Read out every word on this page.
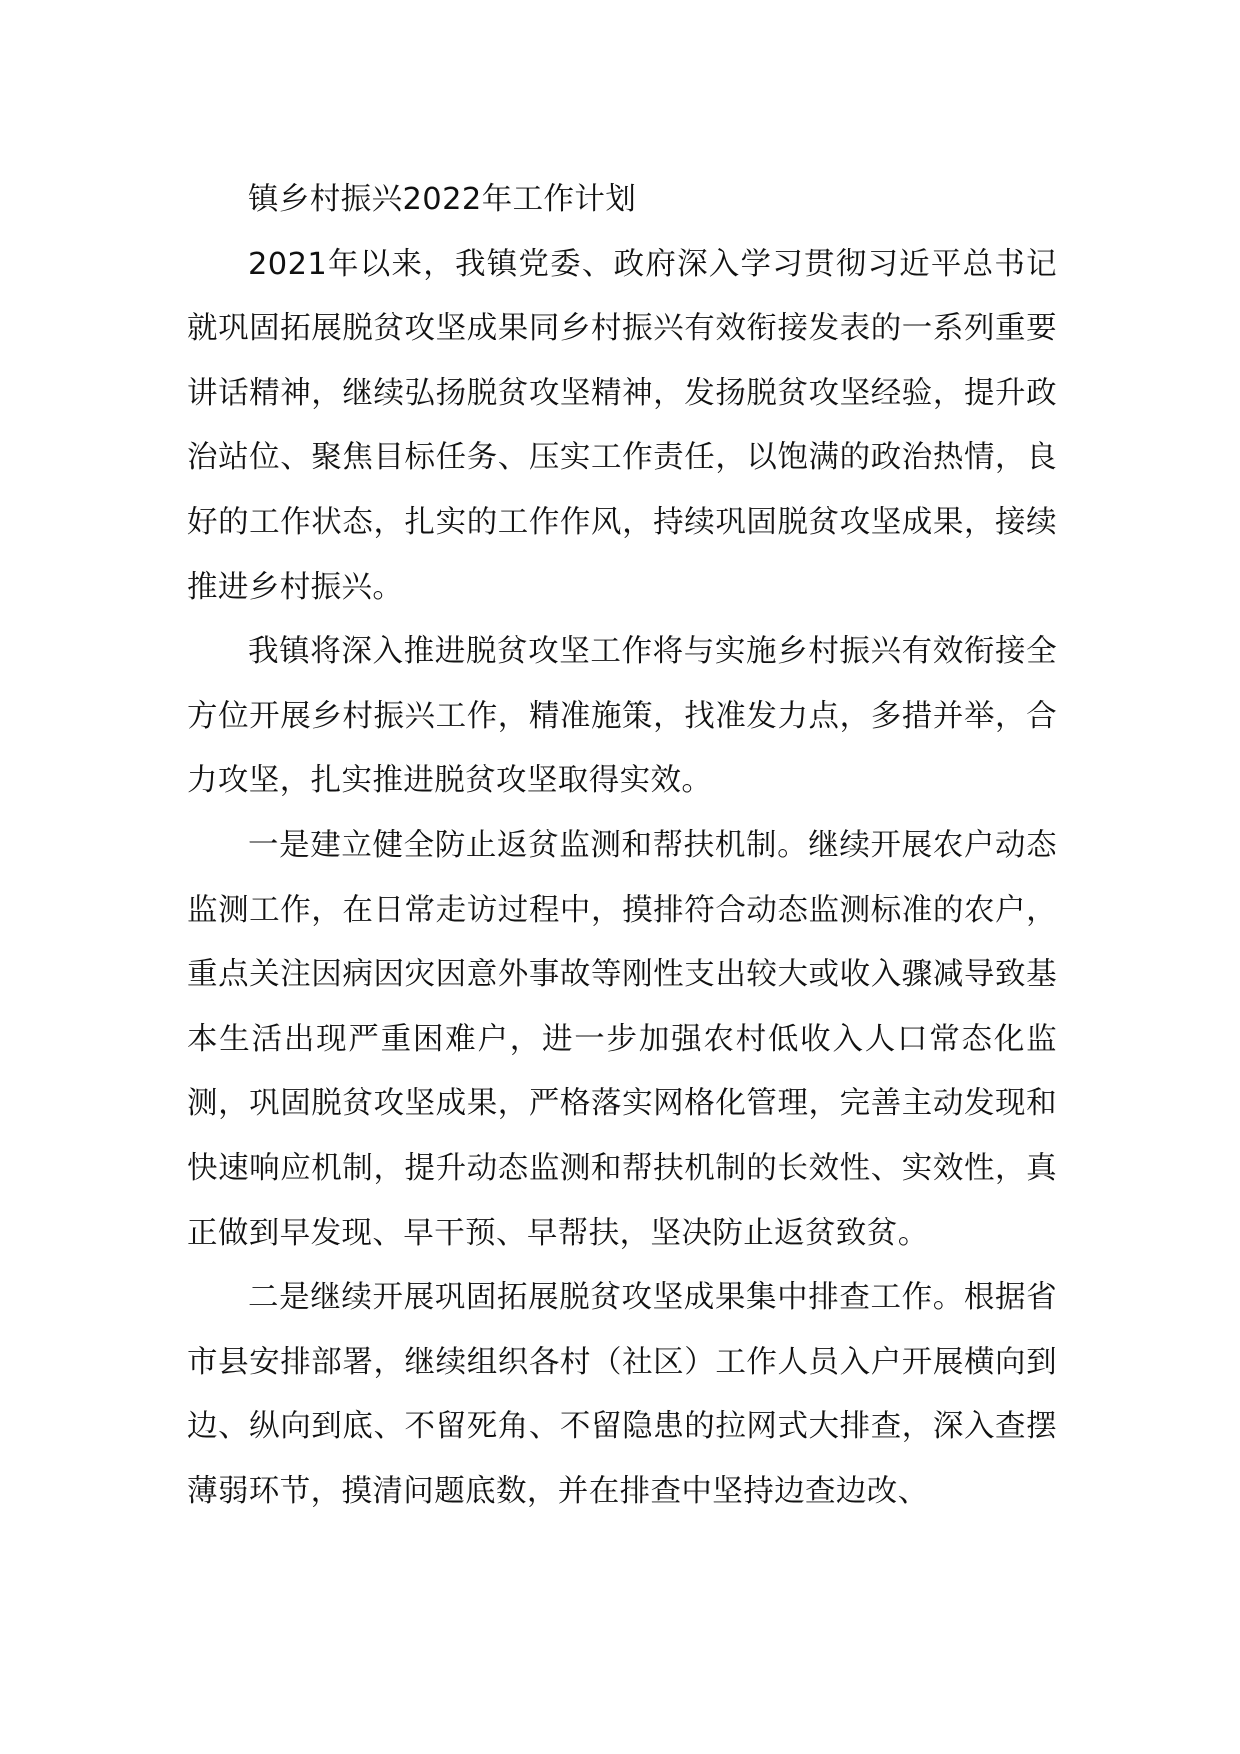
镇乡村振兴2022年工作计划

2021年以来，我镇党委、政府深入学习贯彻习近平总书记就巩固拓展脱贫攻坚成果同乡村振兴有效衔接发表的一系列重要讲话精神，继续弘扬脱贫攻坚精神，发扬脱贫攻坚经验，提升政治站位、聚焦目标任务、压实工作责任，以饱满的政治热情，良好的工作状态，扎实的工作作风，持续巩固脱贫攻坚成果，接续推进乡村振兴。

我镇将深入推进脱贫攻坚工作将与实施乡村振兴有效衔接全方位开展乡村振兴工作，精准施策，找准发力点，多措并举，合力攻坚，扎实推进脱贫攻坚取得实效。

一是建立健全防止返贫监测和帮扶机制。继续开展农户动态监测工作，在日常走访过程中，摸排符合动态监测标准的农户，重点关注因病因灾因意外事故等刚性支出较大或收入骤减导致基本生活出现严重困难户，进一步加强农村低收入人口常态化监测，巩固脱贫攻坚成果，严格落实网格化管理，完善主动发现和快速响应机制，提升动态监测和帮扶机制的长效性、实效性，真正做到早发现、早干预、早帮扶，坚决防止返贫致贫。

二是继续开展巩固拓展脱贫攻坚成果集中排查工作。根据省市县安排部署，继续组织各村（社区）工作人员入户开展横向到边、纵向到底、不留死角、不留隐患的拉网式大排查，深入查摆薄弱环节，摸清问题底数，并在排查中坚持边查边改、
